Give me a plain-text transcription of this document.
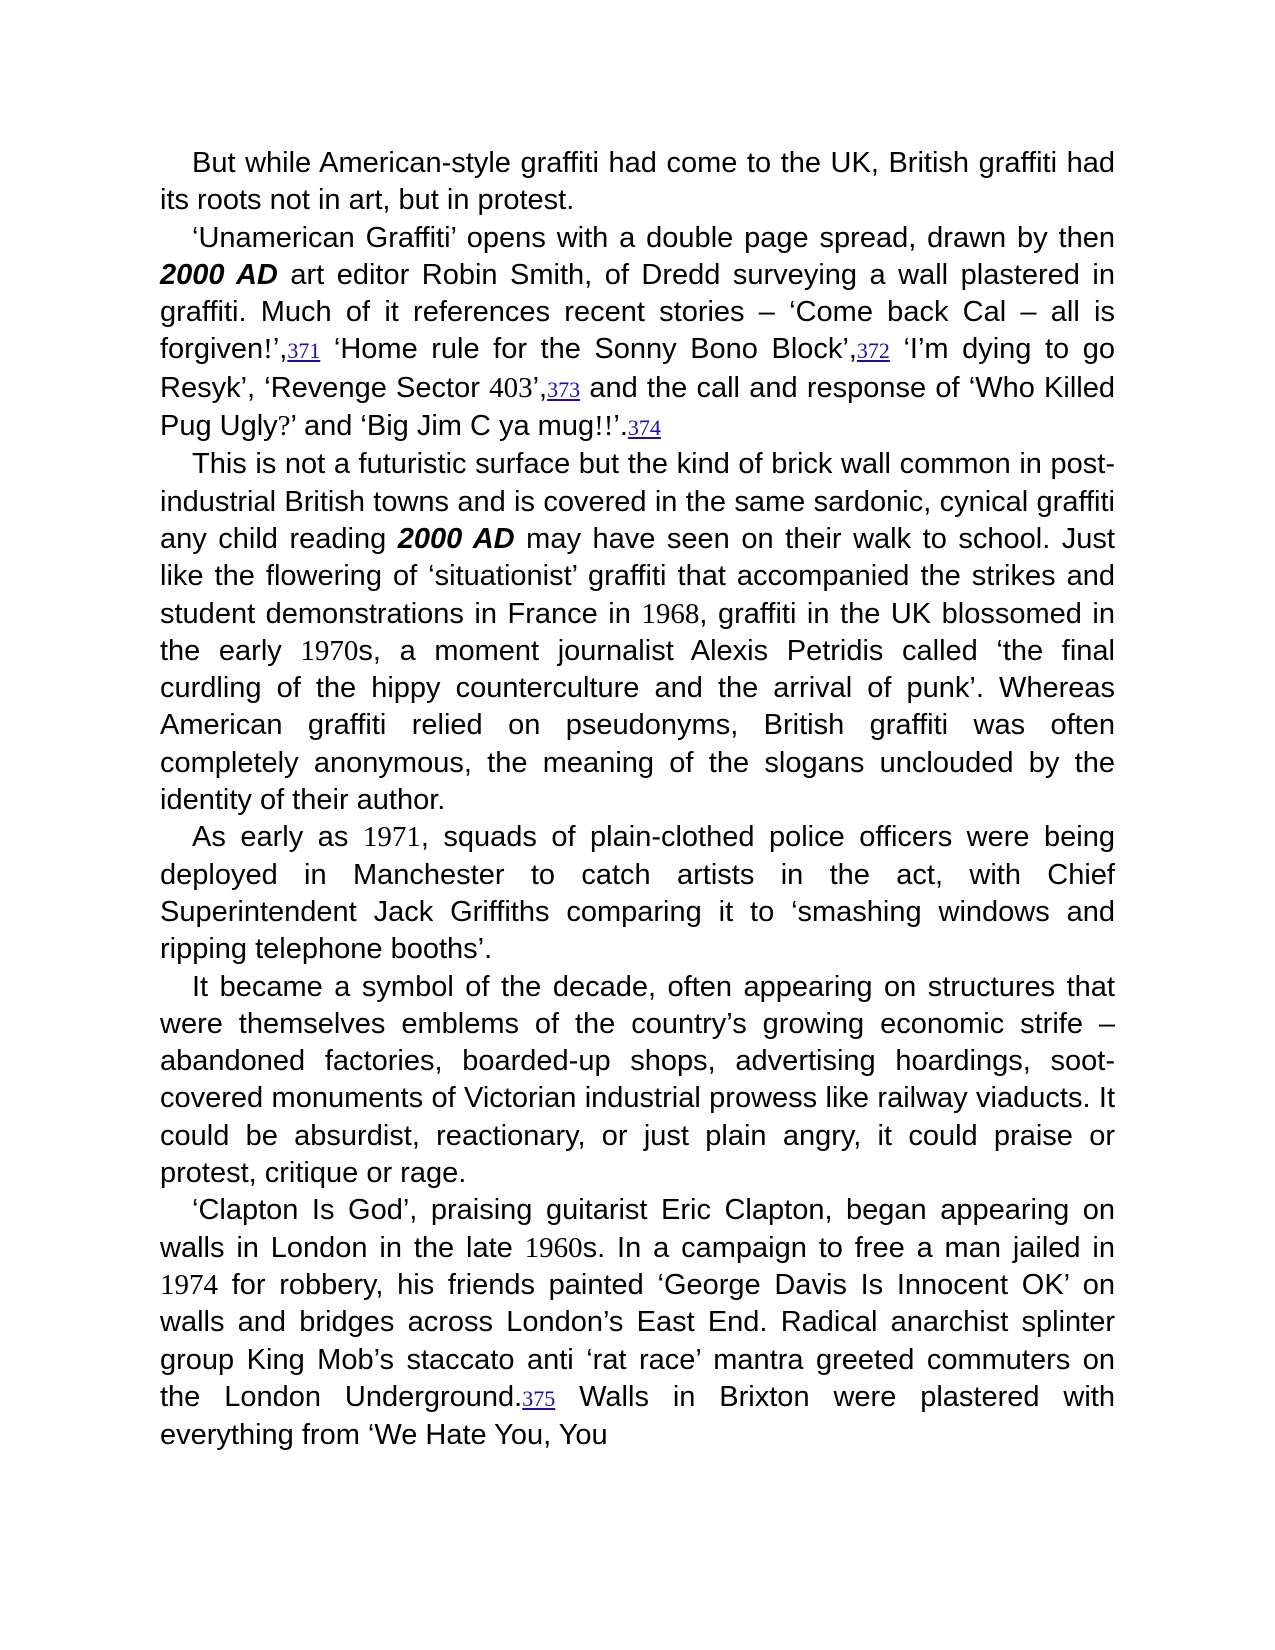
But while American-style graffiti had come to the UK, British graffiti had its roots not in art, but in protest.

‘Unamerican Graffiti’ opens with a double page spread, drawn by then 2000 AD art editor Robin Smith, of Dredd surveying a wall plastered in graffiti. Much of it references recent stories – ‘Come back Cal – all is forgiven!’,371 ‘Home rule for the Sonny Bono Block’,372 ‘I’m dying to go Resyk’, ‘Revenge Sector 403’,373 and the call and response of ‘Who Killed Pug Ugly?’ and ‘Big Jim C ya mug!!’.374

This is not a futuristic surface but the kind of brick wall common in post-industrial British towns and is covered in the same sardonic, cynical graffiti any child reading 2000 AD may have seen on their walk to school. Just like the flowering of ‘situationist’ graffiti that accompanied the strikes and student demonstrations in France in 1968, graffiti in the UK blossomed in the early 1970s, a moment journalist Alexis Petridis called ‘the final curdling of the hippy counterculture and the arrival of punk’. Whereas American graffiti relied on pseudonyms, British graffiti was often completely anonymous, the meaning of the slogans unclouded by the identity of their author.

As early as 1971, squads of plain-clothed police officers were being deployed in Manchester to catch artists in the act, with Chief Superintendent Jack Griffiths comparing it to ‘smashing windows and ripping telephone booths’.

It became a symbol of the decade, often appearing on structures that were themselves emblems of the country’s growing economic strife – abandoned factories, boarded-up shops, advertising hoardings, soot-covered monuments of Victorian industrial prowess like railway viaducts. It could be absurdist, reactionary, or just plain angry, it could praise or protest, critique or rage.

‘Clapton Is God’, praising guitarist Eric Clapton, began appearing on walls in London in the late 1960s. In a campaign to free a man jailed in 1974 for robbery, his friends painted ‘George Davis Is Innocent OK’ on walls and bridges across London’s East End. Radical anarchist splinter group King Mob’s staccato anti ‘rat race’ mantra greeted commuters on the London Underground.375 Walls in Brixton were plastered with everything from ‘We Hate You, You
